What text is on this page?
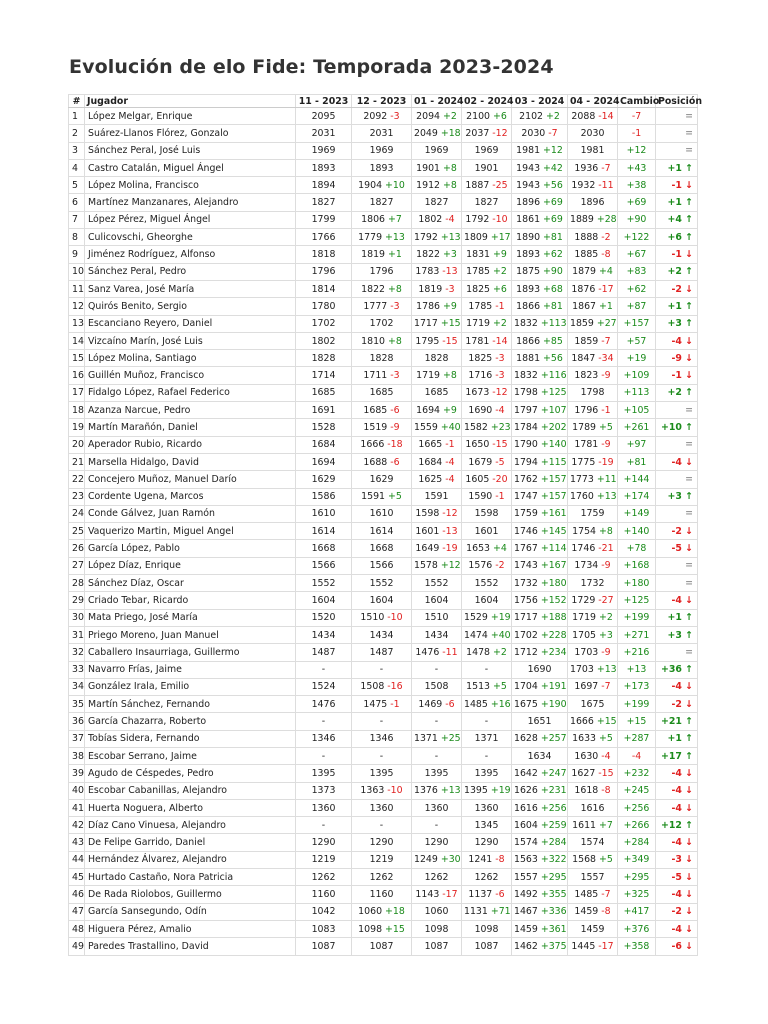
Evolución de elo Fide: Temporada 2023-2024
#	Jugador	11 - 2023	12 - 2023	01 - 2024	02 - 2024	03 - 2024	04 - 2024	Cambio	Posición
1	López Melgar, Enrique	2095	2092 -3	2094 +2	2100 +6	2102 +2	2088 -14	-7	=
2	Suárez-Llanos Flórez, Gonzalo	2031	2031	2049 +18	2037 -12	2030 -7	2030	-1	=
3	Sánchez Peral, José Luis	1969	1969	1969	1969	1981 +12	1981	+12	=
4	Castro Catalán, Miguel Ángel	1893	1893	1901 +8	1901	1943 +42	1936 -7	+43	+1 ↑
5	López Molina, Francisco	1894	1904 +10	1912 +8	1887 -25	1943 +56	1932 -11	+38	-1 ↓
6	Martínez Manzanares, Alejandro	1827	1827	1827	1827	1896 +69	1896	+69	+1 ↑
7	López Pérez, Miguel Ángel	1799	1806 +7	1802 -4	1792 -10	1861 +69	1889 +28	+90	+4 ↑
8	Culicovschi, Gheorghe	1766	1779 +13	1792 +13	1809 +17	1890 +81	1888 -2	+122	+6 ↑
9	Jiménez Rodríguez, Alfonso	1818	1819 +1	1822 +3	1831 +9	1893 +62	1885 -8	+67	-1 ↓
10	Sánchez Peral, Pedro	1796	1796	1783 -13	1785 +2	1875 +90	1879 +4	+83	+2 ↑
11	Sanz Varea, José María	1814	1822 +8	1819 -3	1825 +6	1893 +68	1876 -17	+62	-2 ↓
12	Quirós Benito, Sergio	1780	1777 -3	1786 +9	1785 -1	1866 +81	1867 +1	+87	+1 ↑
13	Escanciano Reyero, Daniel	1702	1702	1717 +15	1719 +2	1832 +113	1859 +27	+157	+3 ↑
14	Vizcaíno Marín, José Luis	1802	1810 +8	1795 -15	1781 -14	1866 +85	1859 -7	+57	-4 ↓
15	López Molina, Santiago	1828	1828	1828	1825 -3	1881 +56	1847 -34	+19	-9 ↓
16	Guillén Muñoz, Francisco	1714	1711 -3	1719 +8	1716 -3	1832 +116	1823 -9	+109	-1 ↓
17	Fidalgo López, Rafael Federico	1685	1685	1685	1673 -12	1798 +125	1798	+113	+2 ↑
18	Azanza Narcue, Pedro	1691	1685 -6	1694 +9	1690 -4	1797 +107	1796 -1	+105	=
19	Martín Marañón, Daniel	1528	1519 -9	1559 +40	1582 +23	1784 +202	1789 +5	+261	+10 ↑
20	Aperador Rubio, Ricardo	1684	1666 -18	1665 -1	1650 -15	1790 +140	1781 -9	+97	=
21	Marsella Hidalgo, David	1694	1688 -6	1684 -4	1679 -5	1794 +115	1775 -19	+81	-4 ↓
22	Concejero Muñoz, Manuel Darío	1629	1629	1625 -4	1605 -20	1762 +157	1773 +11	+144	=
23	Cordente Ugena, Marcos	1586	1591 +5	1591	1590 -1	1747 +157	1760 +13	+174	+3 ↑
24	Conde Gálvez, Juan Ramón	1610	1610	1598 -12	1598	1759 +161	1759	+149	=
25	Vaquerizo Martin, Miguel Angel	1614	1614	1601 -13	1601	1746 +145	1754 +8	+140	-2 ↓
26	García López, Pablo	1668	1668	1649 -19	1653 +4	1767 +114	1746 -21	+78	-5 ↓
27	López Díaz, Enrique	1566	1566	1578 +12	1576 -2	1743 +167	1734 -9	+168	=
28	Sánchez Díaz, Oscar	1552	1552	1552	1552	1732 +180	1732	+180	=
29	Criado Tebar, Ricardo	1604	1604	1604	1604	1756 +152	1729 -27	+125	-4 ↓
30	Mata Priego, José María	1520	1510 -10	1510	1529 +19	1717 +188	1719 +2	+199	+1 ↑
31	Priego Moreno, Juan Manuel	1434	1434	1434	1474 +40	1702 +228	1705 +3	+271	+3 ↑
32	Caballero Insaurriaga, Guillermo	1487	1487	1476 -11	1478 +2	1712 +234	1703 -9	+216	=
33	Navarro Frías, Jaime	-	-	-	-	1690	1703 +13	+13	+36 ↑
34	González Irala, Emilio	1524	1508 -16	1508	1513 +5	1704 +191	1697 -7	+173	-4 ↓
35	Martín Sánchez, Fernando	1476	1475 -1	1469 -6	1485 +16	1675 +190	1675	+199	-2 ↓
36	García Chazarra, Roberto	-	-	-	-	1651	1666 +15	+15	+21 ↑
37	Tobías Sidera, Fernando	1346	1346	1371 +25	1371	1628 +257	1633 +5	+287	+1 ↑
38	Escobar Serrano, Jaime	-	-	-	-	1634	1630 -4	-4	+17 ↑
39	Agudo de Céspedes, Pedro	1395	1395	1395	1395	1642 +247	1627 -15	+232	-4 ↓
40	Escobar Cabanillas, Alejandro	1373	1363 -10	1376 +13	1395 +19	1626 +231	1618 -8	+245	-4 ↓
41	Huerta Noguera, Alberto	1360	1360	1360	1360	1616 +256	1616	+256	-4 ↓
42	Díaz Cano Vinuesa, Alejandro	-	-	-	1345	1604 +259	1611 +7	+266	+12 ↑
43	De Felipe Garrido, Daniel	1290	1290	1290	1290	1574 +284	1574	+284	-4 ↓
44	Hernández Álvarez, Alejandro	1219	1219	1249 +30	1241 -8	1563 +322	1568 +5	+349	-3 ↓
45	Hurtado Castaño, Nora Patricia	1262	1262	1262	1262	1557 +295	1557	+295	-5 ↓
46	De Rada Riolobos, Guillermo	1160	1160	1143 -17	1137 -6	1492 +355	1485 -7	+325	-4 ↓
47	García Sansegundo, Odín	1042	1060 +18	1060	1131 +71	1467 +336	1459 -8	+417	-2 ↓
48	Higuera Pérez, Amalio	1083	1098 +15	1098	1098	1459 +361	1459	+376	-4 ↓
49	Paredes Trastallino, David	1087	1087	1087	1087	1462 +375	1445 -17	+358	-6 ↓
